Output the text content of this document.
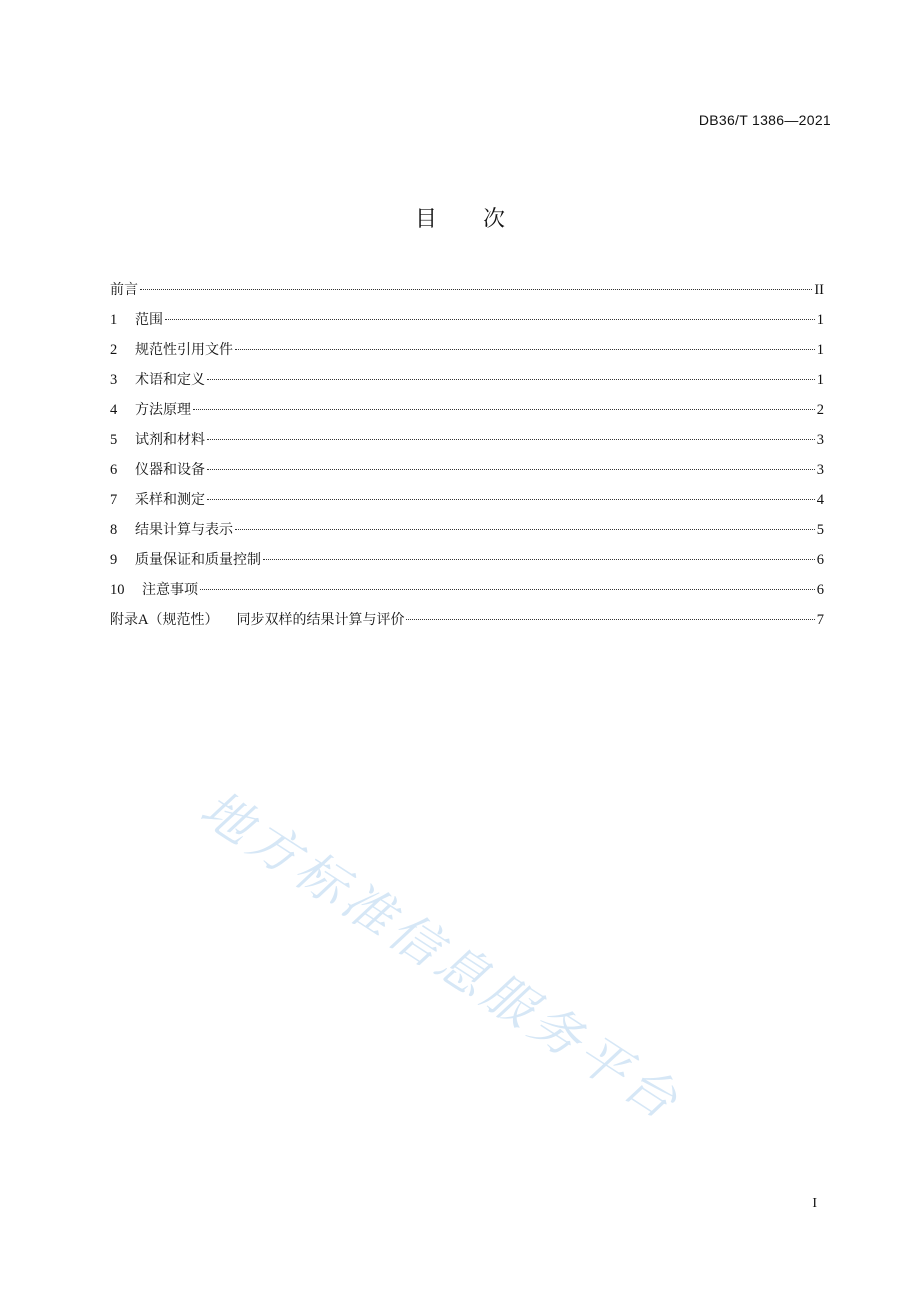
DB36/T 1386—2021
目 次
前言	II
1	范围	1
2	规范性引用文件	1
3	术语和定义	1
4	方法原理	2
5	试剂和材料	3
6	仪器和设备	3
7	采样和测定	4
8	结果计算与表示	5
9	质量保证和质量控制	6
10	注意事项	6
附录A（规范性） 同步双样的结果计算与评价	7
地方标准信息服务平台
I
